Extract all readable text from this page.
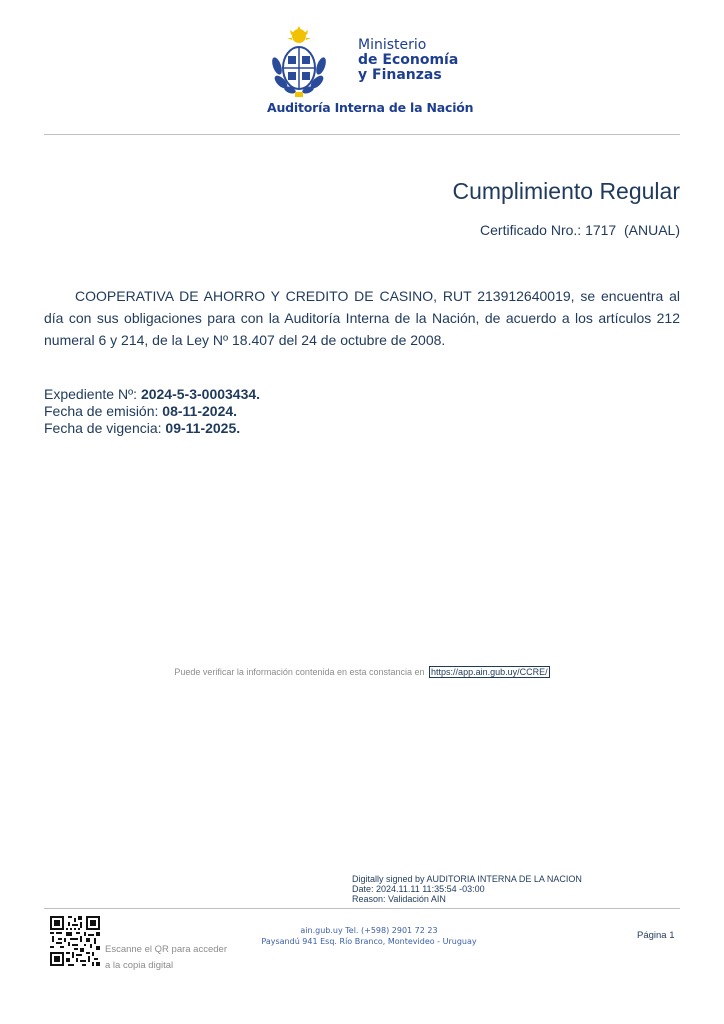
Ministerio
de Economía
y Finanzas
Auditoría Interna de la Nación
Cumplimiento Regular
Certificado Nro.: 1717  (ANUAL)
COOPERATIVA DE AHORRO Y CREDITO DE CASINO, RUT 213912640019, se encuentra al día con sus obligaciones para con la Auditoría Interna de la Nación, de acuerdo a los artículos 212 numeral 6 y 214, de la Ley Nº 18.407 del 24 de octubre de 2008.
Expediente Nº: 2024-5-3-0003434.
Fecha de emisión: 08-11-2024.
Fecha de vigencia: 09-11-2025.
Puede verificar la información contenida en esta constancia en https://app.ain.gub.uy/CCRE/
Digitally signed by AUDITORIA INTERNA DE LA NACION
Date: 2024.11.11 11:35:54 -03:00
Reason: Validación AIN
Escanne el QR para acceder
a la copia digital
ain.gub.uy Tel. (+598) 2901 72 23
Paysandú 941 Esq. Río Branco, Montevideo - Uruguay
Página 1
